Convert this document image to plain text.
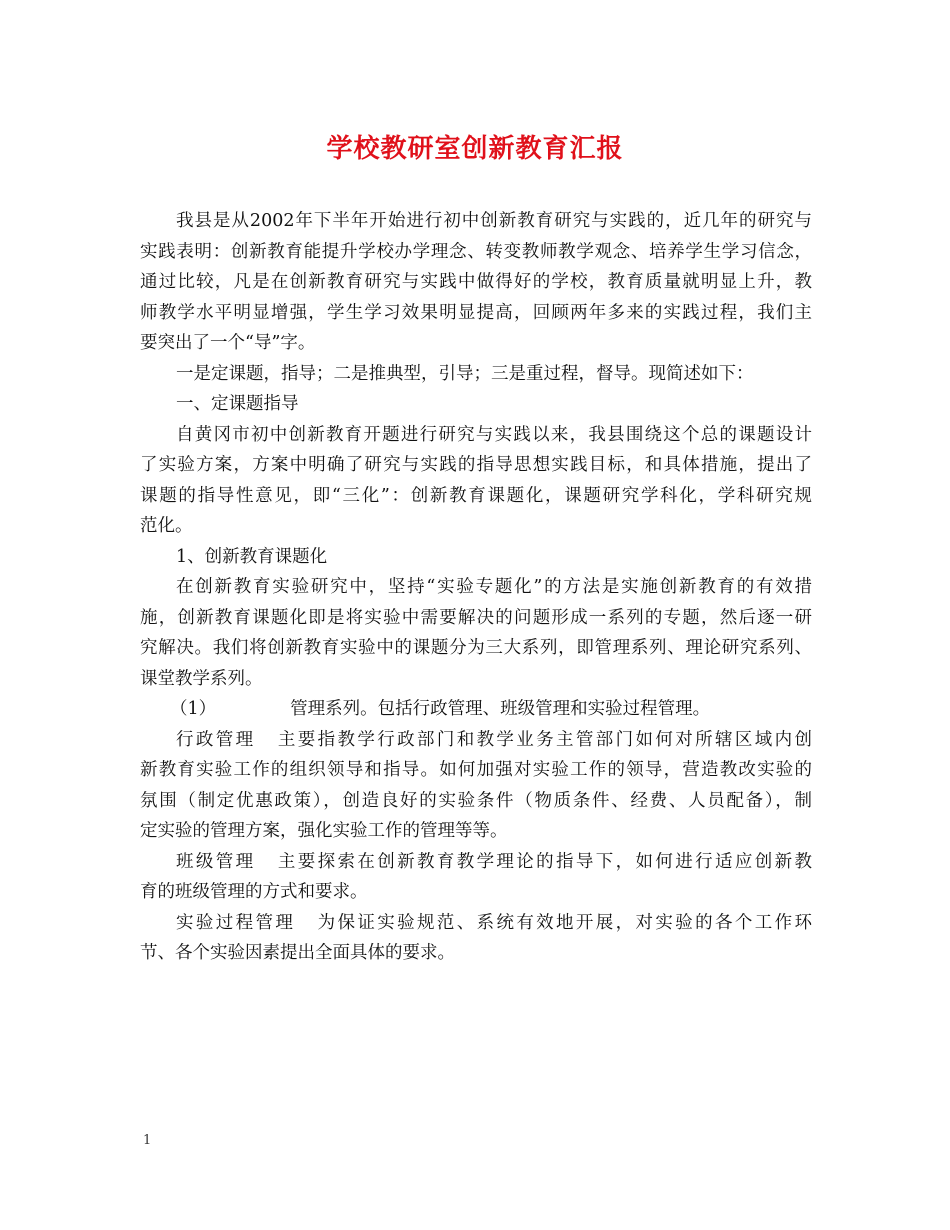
学校教研室创新教育汇报
我县是从2002年下半年开始进行初中创新教育研究与实践的，近几年的研究与
实践表明：创新教育能提升学校办学理念、转变教师教学观念、培养学生学习信念，
通过比较，凡是在创新教育研究与实践中做得好的学校，教育质量就明显上升，教
师教学水平明显增强，学生学习效果明显提高，回顾两年多来的实践过程，我们主
要突出了一个“导”字。
一是定课题，指导；二是推典型，引导；三是重过程，督导。现简述如下：
一、定课题指导
自黄冈市初中创新教育开题进行研究与实践以来，我县围绕这个总的课题设计
了实验方案，方案中明确了研究与实践的指导思想实践目标，和具体措施，提出了
课题的指导性意见，即“三化”：创新教育课题化，课题研究学科化，学科研究规
范化。
1、创新教育课题化
在创新教育实验研究中，坚持“实验专题化”的方法是实施创新教育的有效措
施，创新教育课题化即是将实验中需要解决的问题形成一系列的专题，然后逐一研
究解决。我们将创新教育实验中的课题分为三大系列，即管理系列、理论研究系列、
课堂教学系列。
（1）	管理系列。包括行政管理、班级管理和实验过程管理。
行政管理 主要指教学行政部门和教学业务主管部门如何对所辖区域内创
新教育实验工作的组织领导和指导。如何加强对实验工作的领导，营造教改实验的
氛围（制定优惠政策），创造良好的实验条件（物质条件、经费、人员配备），制
定实验的管理方案，强化实验工作的管理等等。
班级管理 主要探索在创新教育教学理论的指导下，如何进行适应创新教
育的班级管理的方式和要求。
实验过程管理 为保证实验规范、系统有效地开展，对实验的各个工作环
节、各个实验因素提出全面具体的要求。
1
